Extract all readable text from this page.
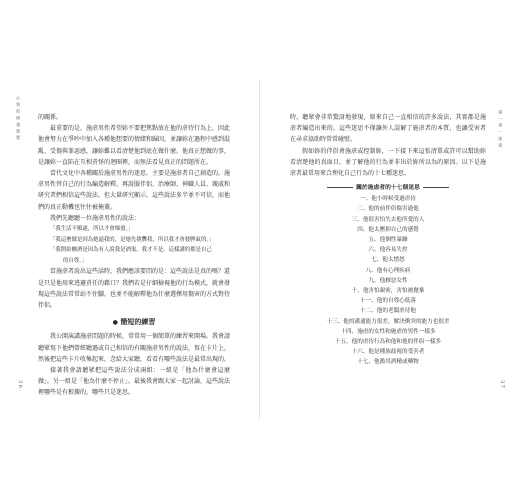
心 智 的 修 復 旅 程 ：
3 6

的關係。

最重要的是，施虐男性希望妳不要把焦點放在他的虐待行為上，因此他會努力在爭吵中加入各種他想要的情緒和歸因，並讓妳在過程中感到混亂、受傷與罪惡感，讓妳難以看清楚他到底在做什麼。他真正想做的事，是讓妳一直陷在互相責怪的迴圈裡，而無法看見真正的問題所在。

當代文化中各種關於施虐男性的迷思，主要是施虐者自己創造的。施虐男性替自己的行為編造解釋，再說服伴侶、治療師、神職人員、親戚和研究者們相信這些說法。但大量研究顯示，這些說法多半並不可信，而他們的真正動機也往往被掩蓋。

我們先聽聽一位施虐男性的說法：

「我生活不順遂，所以才會爆發。」
「我這麼做是因為她逼我的，是她先挑釁我，所以我才會發脾氣的。」
「我開始酗酒是因為有人說我是酒鬼，我才不是，這樣講的都是自己
的自尊。」

當施虐者說出這些話時，我們應該要問的是：這些說法是真的嗎？還是只是他用來逃避責任的藉口？我們若是仔細檢視他的行為模式，就會發現這些說法常常站不住腳，也並不能解釋他為什麼選擇用傷害的方式對待伴侶。

● 簡短的練習

我公開演講施虐問題的時候，常常用一個簡單的練習來開場。我會請聽眾寫下他們曾經聽過或自己相信的有關施虐男性的說法，寫在卡片上，然後把這些卡片收集起來，念給大家聽，看看有哪些說法是最常出現的。

接著我會請聽眾把這些說法分成兩組：一組是「他為什麼會這麼做」，另一組是「他為什麼不停止」。最後我會跟大家一起討論，這些說法裡哪些是有根據的，哪些只是迷思。

第 一 章 ｜ 迷 思
3 7

時，聽眾會非常驚訝地發現，原來自己一直相信的許多說法，其實都是施虐者編造出來的。這些迷思不僅讓外人誤解了施虐者的本質，也讓受害者在尋求協助時常常碰壁。

假如妳的伴侶會施虐或控制妳，一下接下來這張清單或許可以幫助妳看清楚他的真面目，並了解他的行為並非出於妳所以為的原因。以下是施虐者最常用來合理化自己行為的十七種迷思。

關於施虐者的十七個迷思
一、他小時候受過虐待
二、他的前伴侶傷害過他
三、他很害怕失去他所愛的人
四、他太壓抑自己的感覺
五、他個性暴躁
六、他容易失控
七、他太憤怒
八、他有心理疾病
九、他厭惡女性
十、他害怕親密，害怕被拋棄
十一、他的自尊心低落
十二、他的老闆虐待他
十三、他的溝通能力很差，解決衝突的能力也很差
十四、施虐的女性和施虐的男性一樣多
十五、他的虐待行為和他和他的伴侶一樣多
十六、他是種族歧視的受害者
十七、他濫用酒精或藥物
